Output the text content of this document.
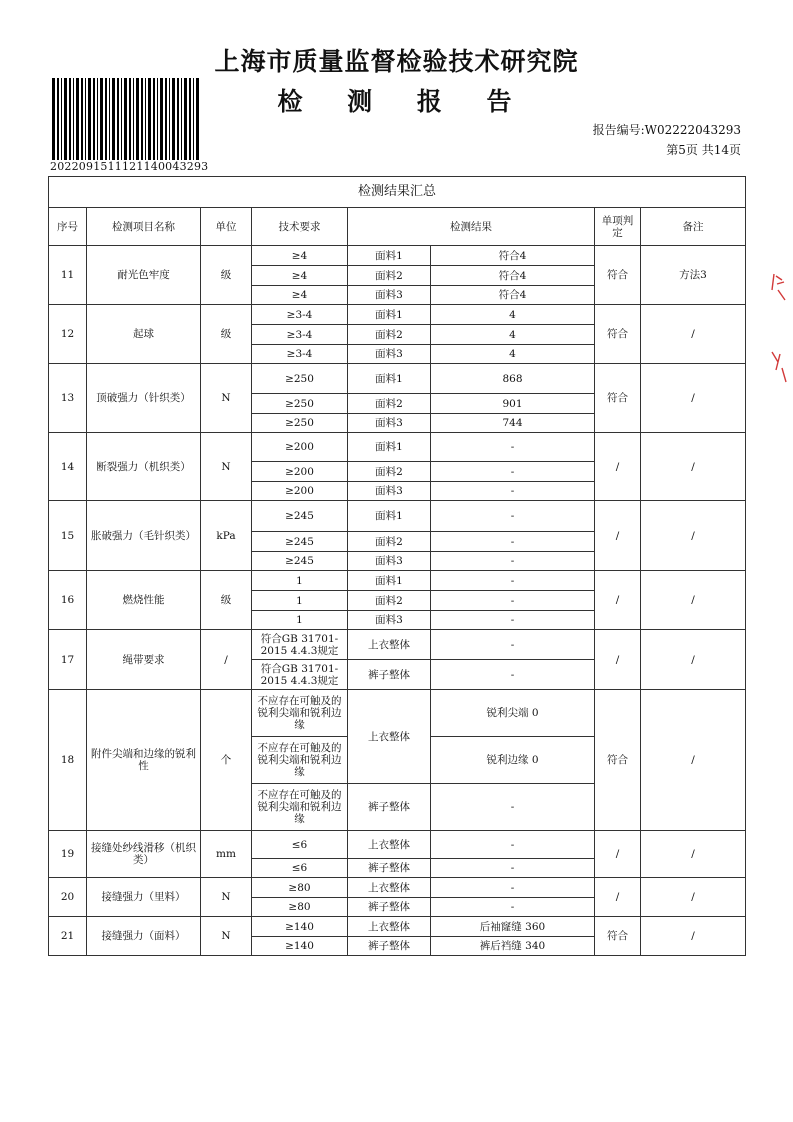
上海市质量监督检验技术研究院
检 测 报 告
2022091511121140043293
报告编号:W02222043293
第5页 共14页
检测结果汇总							
序号	检测项目名称	单位	技术要求	检测结果		单项判定	备注
11	耐光色牢度	级	≥4	面料1	符合4	符合	方法3
			≥4	面料2	符合4		
			≥4	面料3	符合4		
12	起球	级	≥3-4	面料1	4	符合	/
			≥3-4	面料2	4		
			≥3-4	面料3	4		
13	顶破强力（针织类）	N	≥250	面料1	868	符合	/
			≥250	面料2	901		
			≥250	面料3	744		
14	断裂强力（机织类）	N	≥200	面料1	-	/	/
			≥200	面料2	-		
			≥200	面料3	-		
15	胀破强力（毛针织类）	kPa	≥245	面料1	-	/	/
			≥245	面料2	-		
			≥245	面料3	-		
16	燃烧性能	级	1	面料1	-	/	/
			1	面料2	-		
			1	面料3	-		
17	绳带要求	/	符合GB 31701-2015 4.4.3规定	上衣整体	-	/	/
			符合GB 31701-2015 4.4.3规定	裤子整体	-		
18	附件尖端和边缘的锐利性	个	不应存在可触及的锐利尖端和锐利边缘	上衣整体	锐利尖端 0	符合	/
			不应存在可触及的锐利尖端和锐利边缘		锐利边缘 0		
			不应存在可触及的锐利尖端和锐利边缘	裤子整体	-		
19	接缝处纱线滑移（机织类）	mm	≤6	上衣整体	-	/	/
			≤6	裤子整体	-		
20	接缝强力（里料）	N	≥80	上衣整体	-	/	/
			≥80	裤子整体	-		
21	接缝强力（面料）	N	≥140	上衣整体	后袖窿缝 360	符合	/
			≥140	裤子整体	裤后裆缝 340		
